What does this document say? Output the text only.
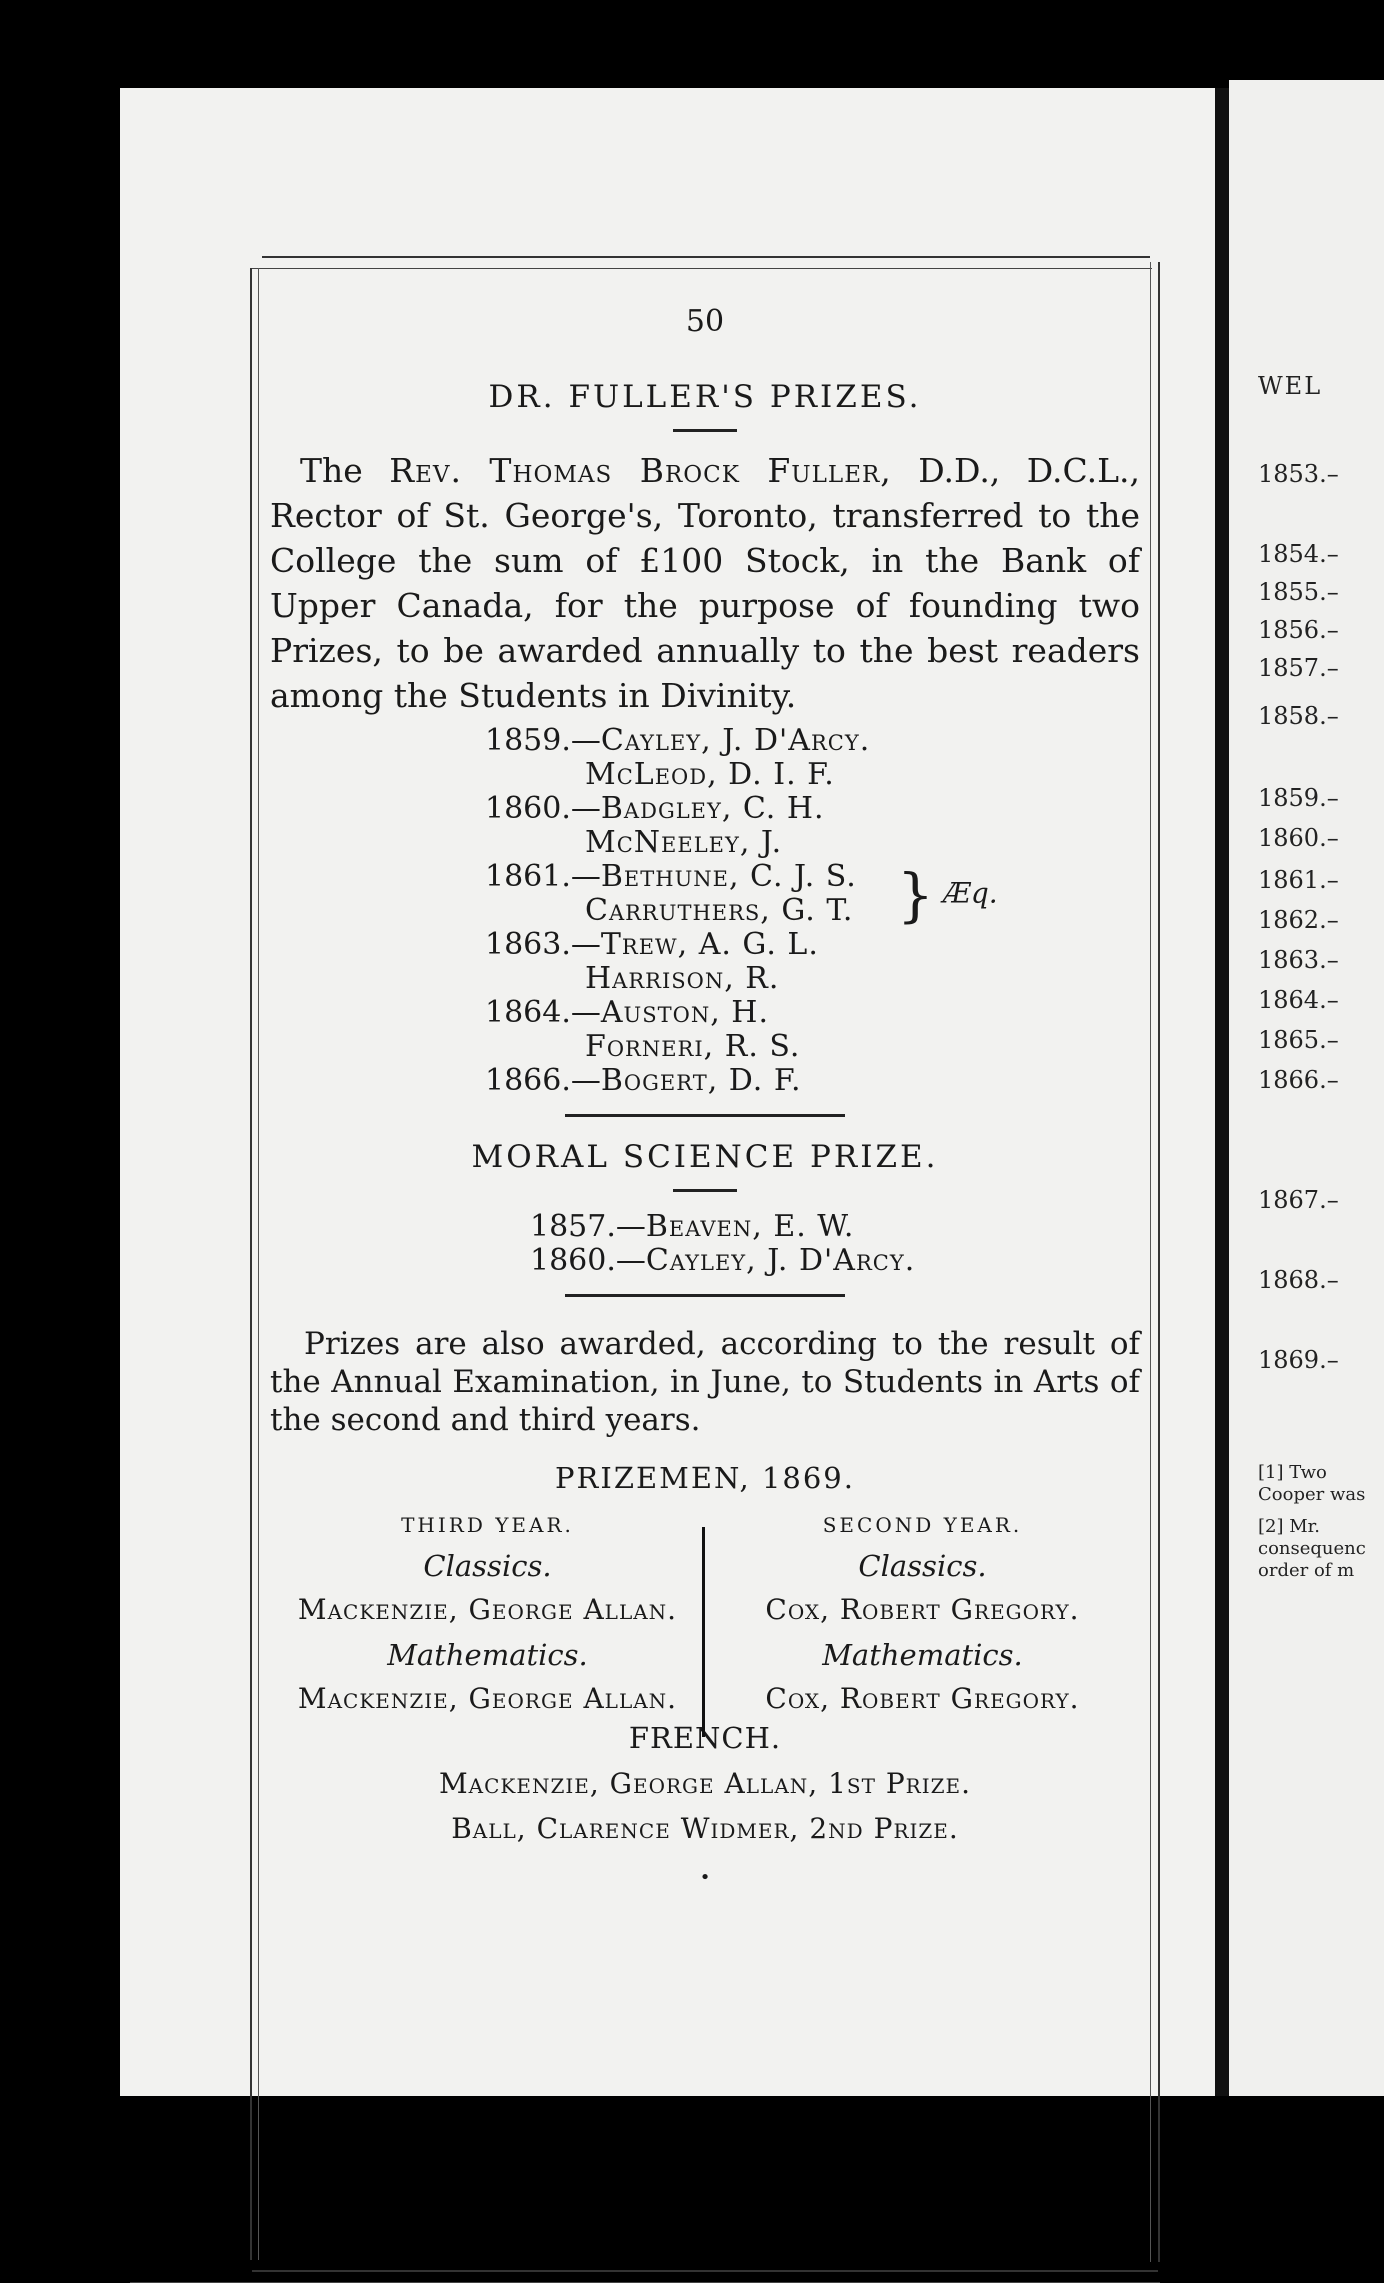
50
DR. FULLER'S PRIZES.
The Rev. Thomas Brock Fuller, D.D., D.C.L., Rector of St. George's, Toronto, transferred to the College the sum of £100 Stock, in the Bank of Upper Canada, for the purpose of founding two Prizes, to be awarded annually to the best readers among the Students in Divinity.
1859.—Cayley, J. D'Arcy.
McLeod, D. I. F.
1860.—Badgley, C. H.
McNeeley, J.
1861.—Bethune, C. J. S.
Carruthers, G. T. } Æq.
1863.—Trew, A. G. L.
Harrison, R.
1864.—Auston, H.
Forneri, R. S.
1866.—Bogert, D. F.
MORAL SCIENCE PRIZE.
1857.—Beaven, E. W.
1860.—Cayley, J. D'Arcy.
Prizes are also awarded, according to the result of the Annual Examination, in June, to Students in Arts of the second and third years.
PRIZEMEN, 1869.
THIRD YEAR.
Classics.
Mackenzie, George Allan.
Mathematics.
Mackenzie, George Allan.
SECOND YEAR.
Classics.
Cox, Robert Gregory.
Mathematics.
Cox, Robert Gregory.
FRENCH.
Mackenzie, George Allan, 1st Prize.
Ball, Clarence Widmer, 2nd Prize.
•
WEL
1853.–
1854.–
1855.–
1856.–
1857.–
1858.–
1859.–
1860.–
1861.–
1862.–
1863.–
1864.–
1865.–
1866.–
1867.–
1868.–
1869.–
[1] Two
Cooper was
[2] Mr.
consequenc
order of m
